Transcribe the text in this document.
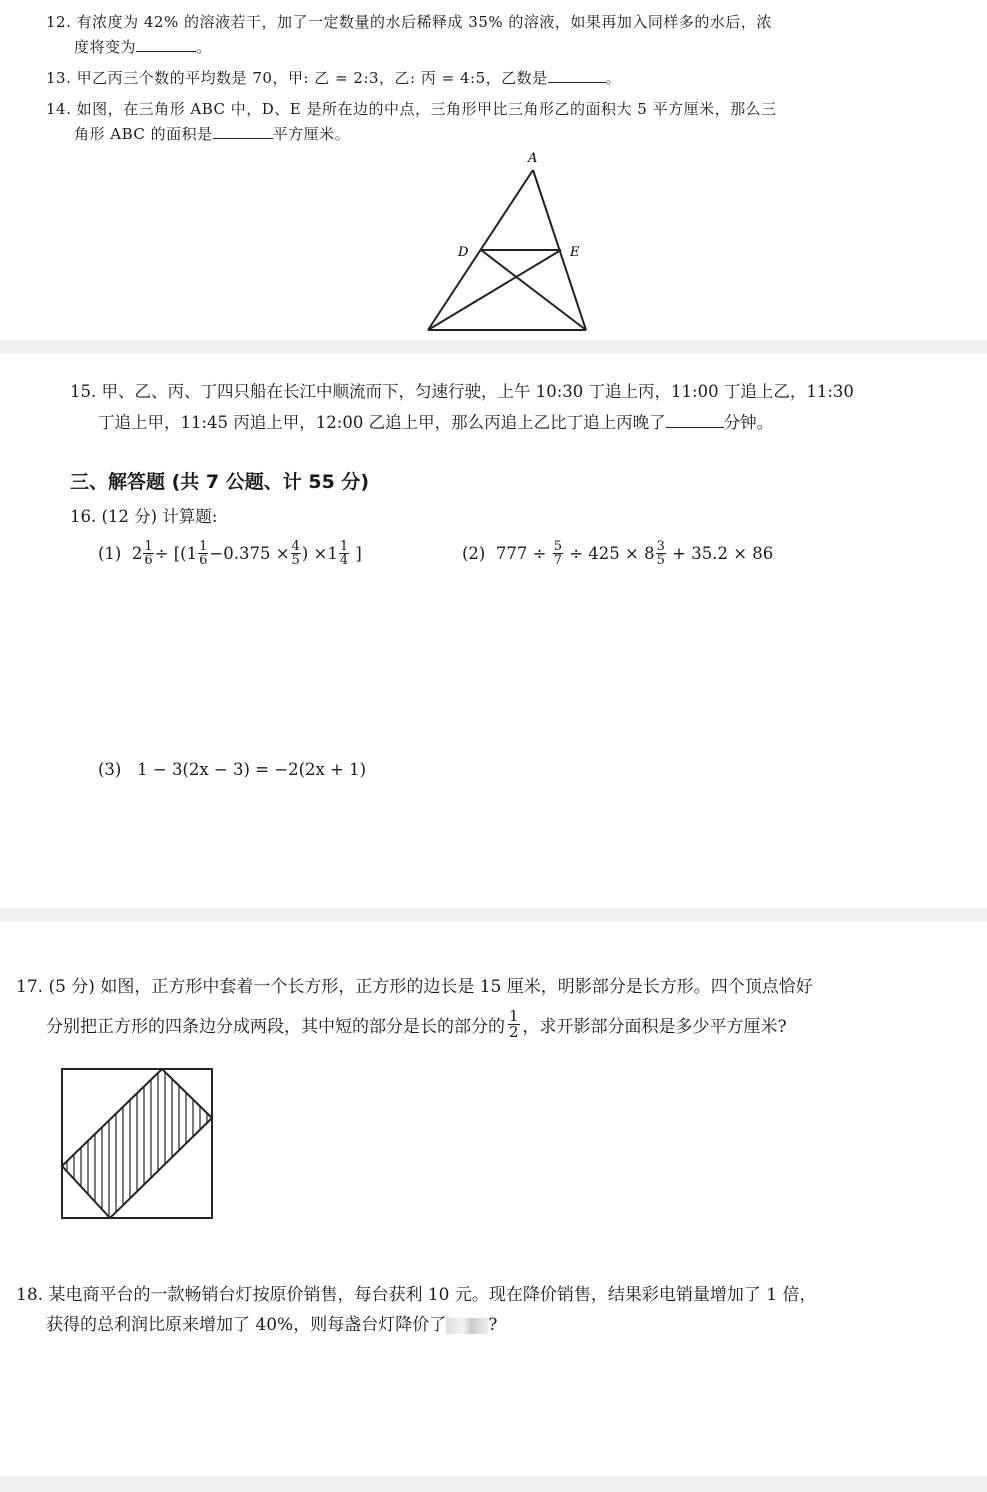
12. 有浓度为 42% 的溶液若干，加了一定数量的水后稀释成 35% 的溶液，如果再加入同样多的水后，浓
度将变为	。
13. 甲乙丙三个数的平均数是 70，甲: 乙 = 2:3，乙: 丙 = 4:5，乙数是	。
14. 如图，在三角形 ABC 中，D、E 是所在边的中点，三角形甲比三角形乙的面积大 5 平方厘米，那么三
角形 ABC 的面积是	平方厘米。
A
D	E
15. 甲、乙、丙、丁四只船在长江中顺流而下，匀速行驶，上午 10:30 丁追上丙，11:00 丁追上乙，11:30
丁追上甲，11:45 丙追上甲，12:00 乙追上甲，那么丙追上乙比丁追上丙晚了	分钟。
三、解答题 (共 7 公题、计 55 分)
16. (12 分) 计算题:
(1)
$2 \frac{1}{6}$ ÷ [( $1 \frac{1}{6} -0.375 \times \frac{4}{5}$ ) × $1 \frac{1}{4}$
]	(2)
777 ÷
$\frac{5}{7}$
÷ $425 \times 8 \frac{3}{5}$
+ 35.2 × 86
(3) 1 − 3(2x − 3) = −2(2x + 1)
17. (5 分) 如图，正方形中套着一个长方形，正方形的边长是 15 厘米，明影部分是长方形。四个顶点恰好
分别把正方形的四条边分成两段，其中短的部分是长的部分的 $\frac{1}{2}$ ，求开影部分面积是多少平方厘米?
18. 某电商平台的一款畅销台灯按原价销售，每台获利 10 元。现在降价销售，结果彩电销量增加了 1 倍，
获得的总利润比原来增加了 40%，则每盏台灯降价了 ?
